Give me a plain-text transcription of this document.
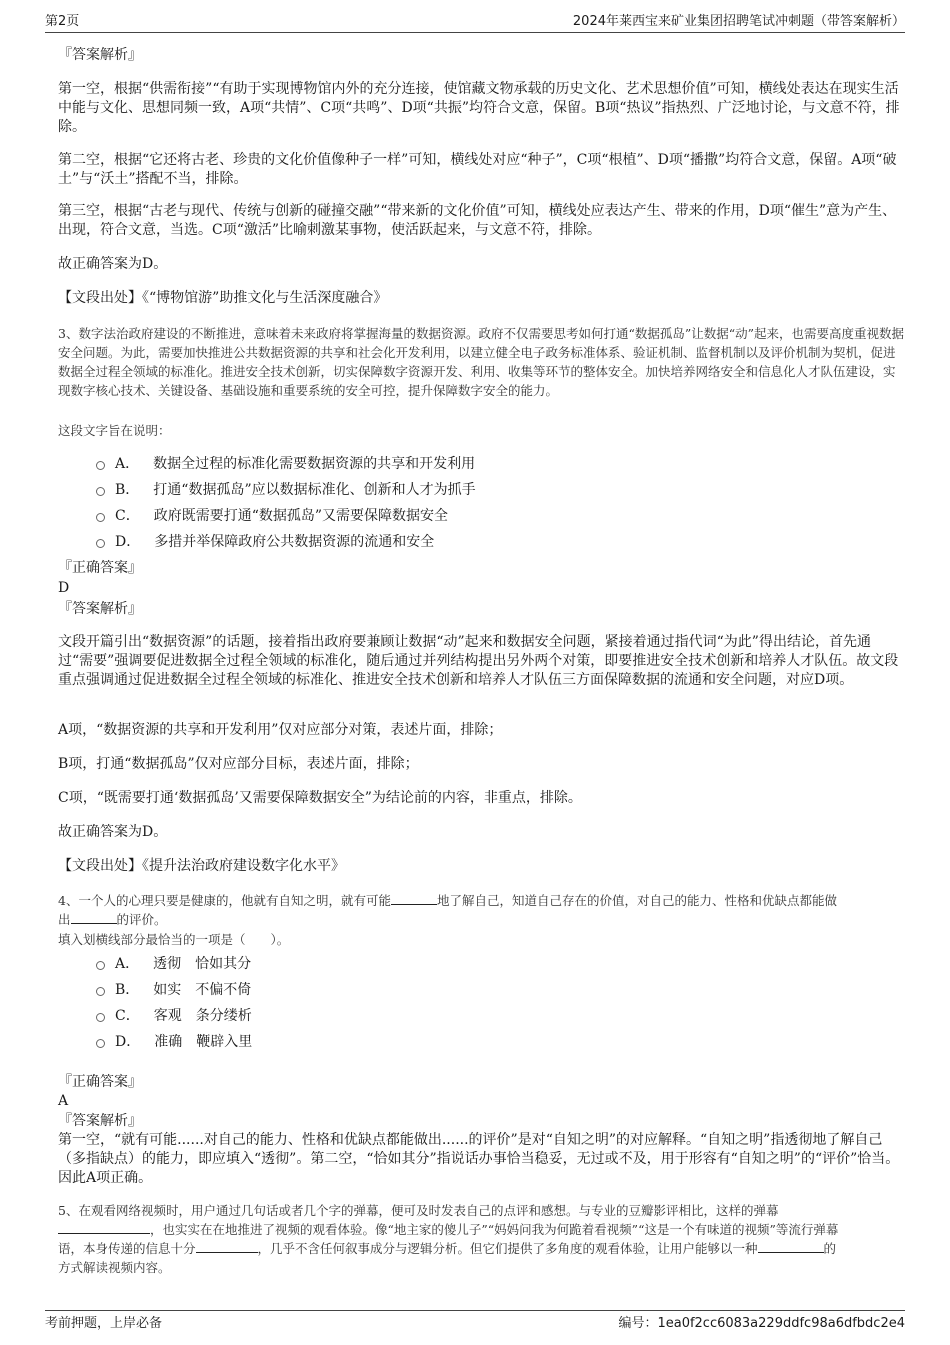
第2页	2024年莱西宝来矿业集团招聘笔试冲刺题（带答案解析）
『答案解析』

第一空，根据“供需衔接”“有助于实现博物馆内外的充分连接，使馆藏文物承载的历史文化、艺术思想价值”可知，横线处表达在现实生活中能与文化、思想同频一致，A项“共情”、C项“共鸣”、D项“共振”均符合文意，保留。B项“热议”指热烈、广泛地讨论，与文意不符，排除。

第二空，根据“它还将古老、珍贵的文化价值像种子一样”可知，横线处对应“种子”，C项“根植”、D项“播撒”均符合文意，保留。A项“破土”与“沃土”搭配不当，排除。

第三空，根据“古老与现代、传统与创新的碰撞交融”“带来新的文化价值”可知，横线处应表达产生、带来的作用，D项“催生”意为产生、出现，符合文意，当选。C项“激活”比喻刺激某事物，使活跃起来，与文意不符，排除。

故正确答案为D。

【文段出处】《“博物馆游”助推文化与生活深度融合》

3、数字法治政府建设的不断推进，意味着未来政府将掌握海量的数据资源。政府不仅需要思考如何打通“数据孤岛”让数据“动”起来，也需要高度重视数据安全问题。为此，需要加快推进公共数据资源的共享和社会化开发利用，以建立健全电子政务标准体系、验证机制、监督机制以及评价机制为契机，促进数据全过程全领域的标准化。推进安全技术创新，切实保障数字资源开发、利用、收集等环节的整体安全。加快培养网络安全和信息化人才队伍建设，实现数字核心技术、关键设备、基础设施和重要系统的安全可控，提升保障数字安全的能力。

这段文字旨在说明：

A． 数据全过程的标准化需要数据资源的共享和开发利用
B． 打通“数据孤岛”应以数据标准化、创新和人才为抓手
C． 政府既需要打通“数据孤岛”又需要保障数据安全
D． 多措并举保障政府公共数据资源的流通和安全
『正确答案』
D
『答案解析』

文段开篇引出“数据资源”的话题，接着指出政府要兼顾让数据“动”起来和数据安全问题，紧接着通过指代词“为此”得出结论，首先通过“需要”强调要促进数据全过程全领域的标准化，随后通过并列结构提出另外两个对策，即要推进安全技术创新和培养人才队伍。故文段重点强调通过促进数据全过程全领域的标准化、推进安全技术创新和培养人才队伍三方面保障数据的流通和安全问题，对应D项。

A项，“数据资源的共享和开发利用”仅对应部分对策，表述片面，排除；

B项，打通“数据孤岛”仅对应部分目标，表述片面，排除；

C项，“既需要打通‘数据孤岛’又需要保障数据安全”为结论前的内容，非重点，排除。

故正确答案为D。

【文段出处】《提升法治政府建设数字化水平》

4、一个人的心理只要是健康的，他就有自知之明，就有可能	地了解自己，知道自己存在的价值，对自己的能力、性格和优缺点都能做
出	的评价。

填入划横线部分最恰当的一项是（　　）。

A． 透彻 恰如其分
B． 如实 不偏不倚
C． 客观 条分缕析
D． 准确 鞭辟入里
『正确答案』
A
『答案解析』

第一空，“就有可能......对自己的能力、性格和优缺点都能做出......的评价”是对“自知之明”的对应解释。“自知之明”指透彻地了解自己（多指缺点）的能力，即应填入“透彻”。第二空，“恰如其分”指说话办事恰当稳妥，无过或不及，用于形容有“自知之明”的“评价”恰当。因此A项正确。

5、在观看网络视频时，用户通过几句话或者几个字的弹幕，便可及时发表自己的点评和感想。与专业的豆瓣影评相比，这样的弹幕
，也实实在在地推进了视频的观看体验。像“地主家的傻儿子”“妈妈问我为何跪着看视频”“这是一个有味道的视频”等流行弹幕
语，本身传递的信息十分	，几乎不含任何叙事成分与逻辑分析。但它们提供了多角度的观看体验，让用户能够以一种	的
方式解读视频内容。

考前押题，上岸必备	编号：1ea0f2cc6083a229ddfc98a6dfbdc2e4
